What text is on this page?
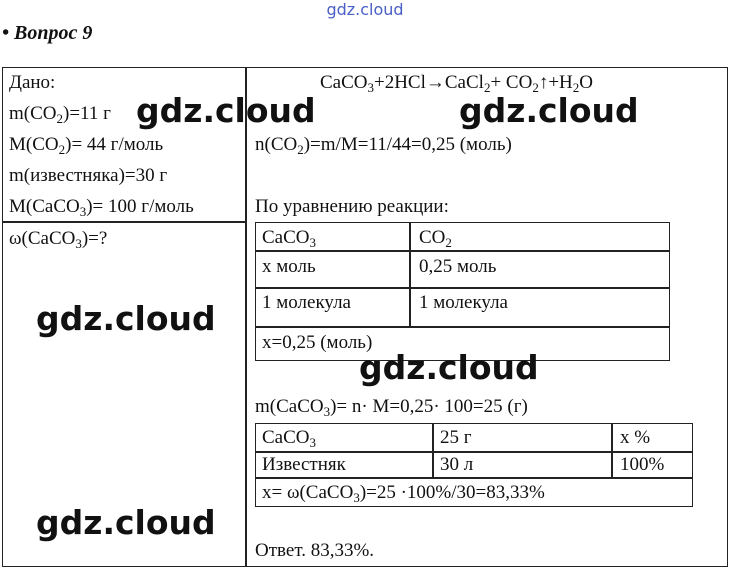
gdz.cloud
• Вопрос 9
Дано:
$m(CO_2)=11$ г
$M(CO_2)= 44$ г/моль
m(известняка)=30 г
M(CaCO$_3$)= 100 г/моль
ω(CaCO$_3$)=?
CaCO$_3$+2HCl→CaCl$_2$+ $CO_2↑+H_2O$
$n(CO_2)=m/M=11/44=0,25$ (моль)
По уравнению реакции:
CaCO$_3$	$CO_2$
х моль	0,25 моль
1 молекула	1 молекула
х=0,25 (моль)
m(CaCO$_3$)= n· M=0,25· 100=25 (г)
CaCO$_3$	25 г	х %
Известняк	30 л	100%
х= ω(CaCO$_3$)=25 ·100%/30=83,33%
Ответ. 83,33%.
gdz.cloud	gdz.cloud
gdz.cloud
gdz.cloud
gdz.cloud
